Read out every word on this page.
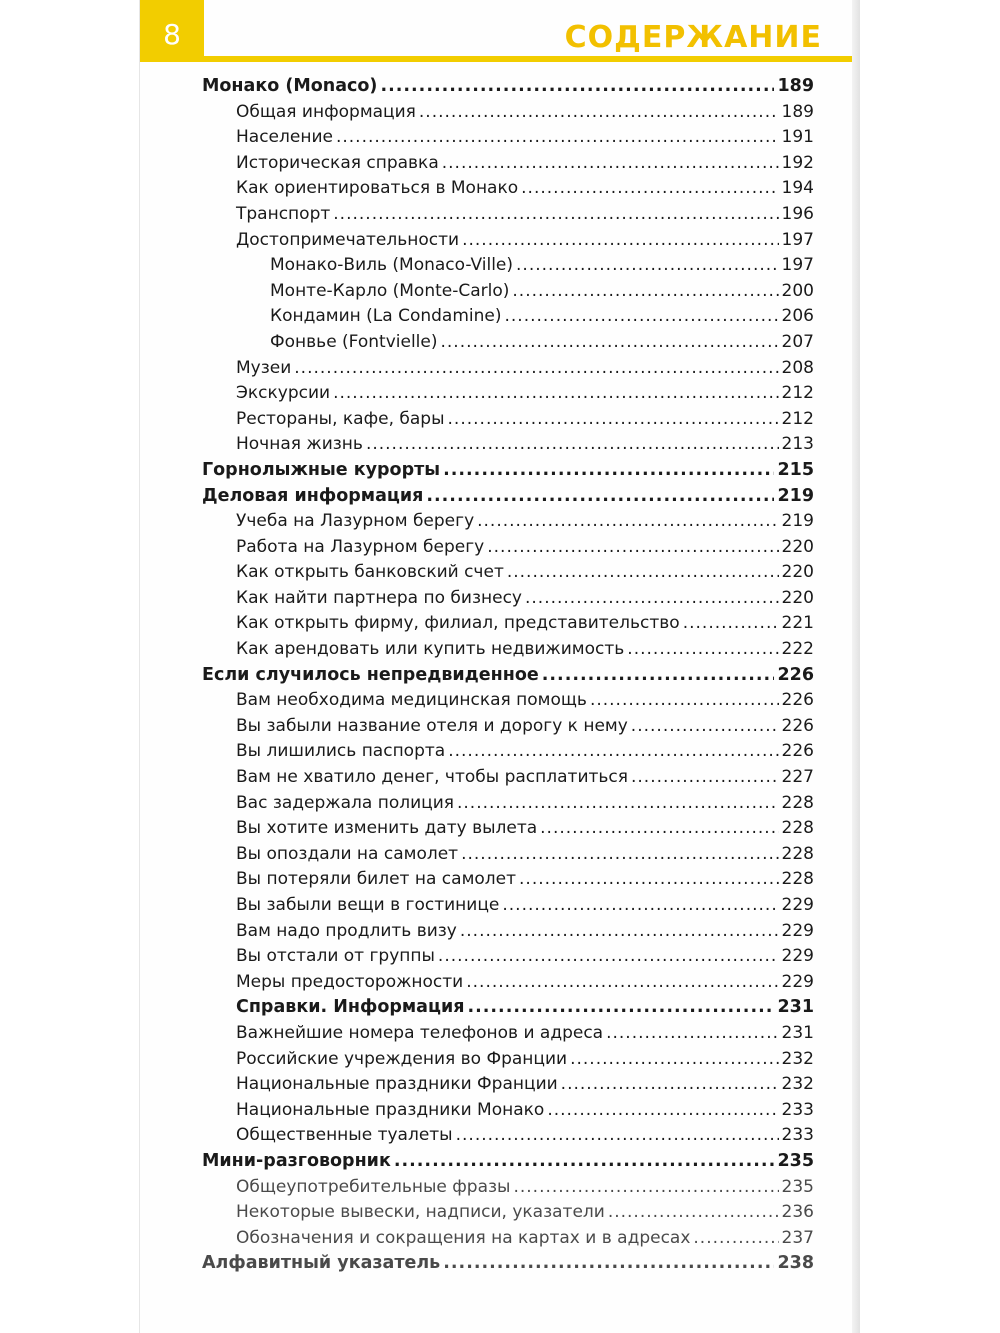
8	СОДЕРЖАНИЕ
Монако (Monaco) .....	189
Общая информация .....	189
Население .....	191
Историческая справка .....	192
Как ориентироваться в Монако .....	194
Транспорт .....	196
Достопримечательности .....	197
Монако-Виль (Monaco-Ville) .....	197
Монте-Карло (Monte-Carlo) .....	200
Кондамин (La Condamine) .....	206
Фонвье (Fontvielle) .....	207
Музеи .....	208
Экскурсии .....	212
Рестораны, кафе, бары .....	212
Ночная жизнь .....	213
Горнолыжные курорты .....	215
Деловая информация .....	219
Учеба на Лазурном берегу .....	219
Работа на Лазурном берегу .....	220
Как открыть банковский счет .....	220
Как найти партнера по бизнесу .....	220
Как открыть фирму, филиал, представительство .....	221
Как арендовать или купить недвижимость .....	222
Если случилось непредвиденное .....	226
Вам необходима медицинская помощь .....	226
Вы забыли название отеля и дорогу к нему .....	226
Вы лишились паспорта .....	226
Вам не хватило денег, чтобы расплатиться .....	227
Вас задержала полиция .....	228
Вы хотите изменить дату вылета .....	228
Вы опоздали на самолет .....	228
Вы потеряли билет на самолет .....	228
Вы забыли вещи в гостинице .....	229
Вам надо продлить визу .....	229
Вы отстали от группы .....	229
Меры предосторожности .....	229
Справки. Информация .....	231
Важнейшие номера телефонов и адреса .....	231
Российские учреждения во Франции .....	232
Национальные праздники Франции .....	232
Национальные праздники Монако .....	233
Общественные туалеты .....	233
Мини-разговорник .....	235
Общеупотребительные фразы .....	235
Некоторые вывески, надписи, указатели .....	236
Обозначения и сокращения на картах и в адресах .....	237
Алфавитный указатель .....	238
